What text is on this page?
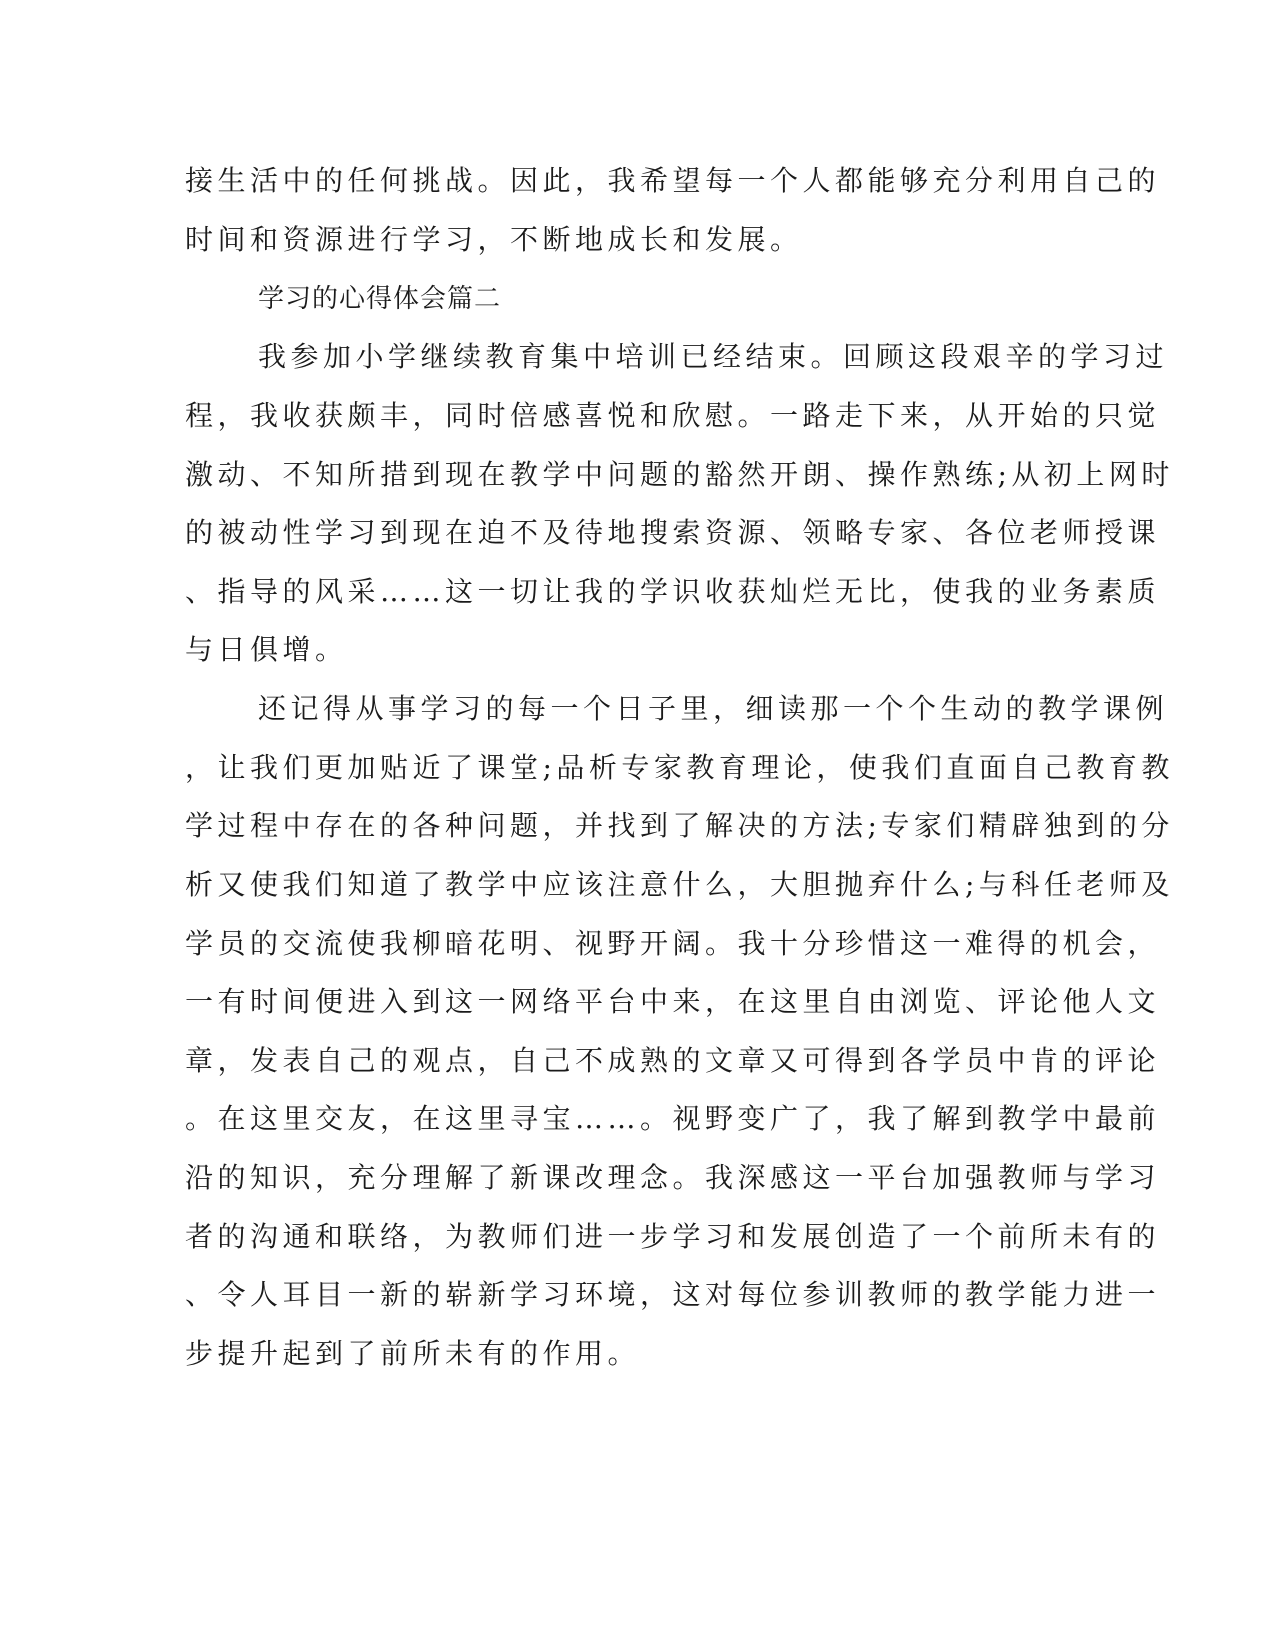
接生活中的任何挑战。因此，我希望每一个人都能够充分利用自己的
时间和资源进行学习，不断地成长和发展。
学习的心得体会篇二
我参加小学继续教育集中培训已经结束。回顾这段艰辛的学习过
程，我收获颇丰，同时倍感喜悦和欣慰。一路走下来，从开始的只觉
激动、不知所措到现在教学中问题的豁然开朗、操作熟练;从初上网时
的被动性学习到现在迫不及待地搜索资源、领略专家、各位老师授课
、指导的风采……这一切让我的学识收获灿烂无比，使我的业务素质
与日俱增。
还记得从事学习的每一个日子里，细读那一个个生动的教学课例
，让我们更加贴近了课堂;品析专家教育理论，使我们直面自己教育教
学过程中存在的各种问题，并找到了解决的方法;专家们精辟独到的分
析又使我们知道了教学中应该注意什么，大胆抛弃什么;与科任老师及
学员的交流使我柳暗花明、视野开阔。我十分珍惜这一难得的机会，
一有时间便进入到这一网络平台中来，在这里自由浏览、评论他人文
章，发表自己的观点，自己不成熟的文章又可得到各学员中肯的评论
。在这里交友，在这里寻宝……。视野变广了，我了解到教学中最前
沿的知识，充分理解了新课改理念。我深感这一平台加强教师与学习
者的沟通和联络，为教师们进一步学习和发展创造了一个前所未有的
、令人耳目一新的崭新学习环境，这对每位参训教师的教学能力进一
步提升起到了前所未有的作用。
